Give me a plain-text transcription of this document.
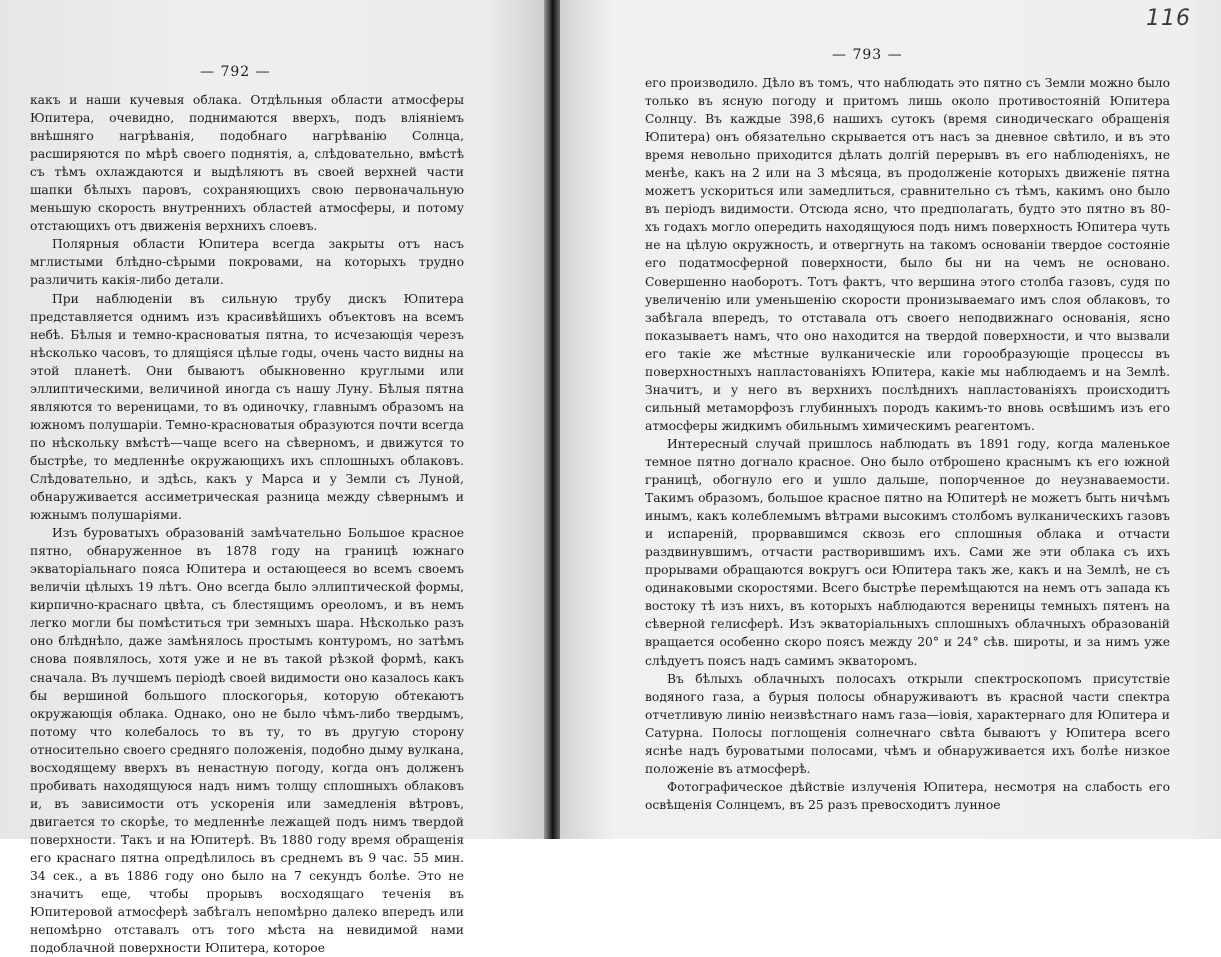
— 792 —

какъ и наши кучевыя облака. Отдѣльныя области атмосферы Юпитера, очевидно, поднимаются вверхъ, подъ вліяніемъ внѣшняго нагрѣванія, подобнаго нагрѣванію Солнца, расширяются по мѣрѣ своего поднятія, а, слѣдовательно, вмѣстѣ съ тѣмъ охлаждаются и выдѣляютъ въ своей верхней части шапки бѣлыхъ паровъ, сохраняющихъ свою первоначальную меньшую скорость внутреннихъ областей атмосферы, и потому отстающихъ отъ движенія верхнихъ слоевъ.

Полярныя области Юпитера всегда закрыты отъ насъ мглистыми блѣдно-сѣрыми покровами, на которыхъ трудно различить какія-либо детали.

При наблюденіи въ сильную трубу дискъ Юпитера представляется однимъ изъ красивѣйшихъ объектовъ на всемъ небѣ. Бѣлыя и темно-красноватыя пятна, то исчезающія черезъ нѣсколько часовъ, то длящіяся цѣлые годы, очень часто видны на этой планетѣ. Они бываютъ обыкновенно круглыми или эллиптическими, величиной иногда съ нашу Луну. Бѣлыя пятна являются то вереницами, то въ одиночку, главнымъ образомъ на южномъ полушаріи. Темно-красноватыя образуются почти всегда по нѣскольку вмѣстѣ—чаще всего на сѣверномъ, и движутся то быстрѣе, то медленнѣе окружающихъ ихъ сплошныхъ облаковъ. Слѣдовательно, и здѣсь, какъ у Марса и у Земли съ Луной, обнаруживается ассиметрическая разница между сѣвернымъ и южнымъ полушаріями.

Изъ буроватыхъ образованій замѣчательно Большое красное пятно, обнаруженное въ 1878 году на границѣ южнаго экваторіальнаго пояса Юпитера и остающееся во всемъ своемъ величіи цѣлыхъ 19 лѣтъ. Оно всегда было эллиптической формы, кирпично-краснаго цвѣта, съ блестящимъ ореоломъ, и въ немъ легко могли бы помѣститься три земныхъ шара. Нѣсколько разъ оно блѣднѣло, даже замѣнялось простымъ контуромъ, но затѣмъ снова появлялось, хотя уже и не въ такой рѣзкой формѣ, какъ сначала. Въ лучшемъ періодѣ своей видимости оно казалось какъ бы вершиной большого плоскогорья, которую обтекаютъ окружающія облака. Однако, оно не было чѣмъ-либо твердымъ, потому что колебалось то въ ту, то въ другую сторону относительно своего средняго положенія, подобно дыму вулкана, восходящему вверхъ въ ненастную погоду, когда онъ долженъ пробивать находящуюся надъ нимъ толщу сплошныхъ облаковъ и, въ зависимости отъ ускоренія или замедленія вѣтровъ, двигается то скорѣе, то медленнѣе лежащей подъ нимъ твердой поверхности. Такъ и на Юпитерѣ. Въ 1880 году время обращенія его краснаго пятна опредѣлилось въ среднемъ въ 9 час. 55 мин. 34 сек., а въ 1886 году оно было на 7 секундъ болѣе. Это не значитъ еще, чтобы прорывъ восходящаго теченія въ Юпитеровой атмосферѣ забѣгалъ непомѣрно далеко впередъ или непомѣрно отставалъ отъ того мѣста на невидимой нами подоблачной поверхности Юпитера, которое

116
— 793 —

его производило. Дѣло въ томъ, что наблюдать это пятно съ Земли можно было только въ ясную погоду и притомъ лишь около противостояній Юпитера Солнцу. Въ каждые 398,6 нашихъ сутокъ (время синодическаго обращенія Юпитера) онъ обязательно скрывается отъ насъ за дневное свѣтило, и въ это время невольно приходится дѣлать долгій перерывъ въ его наблюденіяхъ, не менѣе, какъ на 2 или на 3 мѣсяца, въ продолженіе которыхъ движеніе пятна можетъ ускориться или замедлиться, сравнительно съ тѣмъ, какимъ оно было въ періодъ видимости. Отсюда ясно, что предполагать, будто это пятно въ 80-хъ годахъ могло опередить находящуюся подъ нимъ поверхность Юпитера чуть не на цѣлую окружность, и отвергнуть на такомъ основаніи твердое состояніе его податмосферной поверхности, было бы ни на чемъ не основано. Совершенно наоборотъ. Тотъ фактъ, что вершина этого столба газовъ, судя по увеличенію или уменьшенію скорости пронизываемаго имъ слоя облаковъ, то забѣгала впередъ, то отставала отъ своего неподвижнаго основанія, ясно показываетъ намъ, что оно находится на твердой поверхности, и что вызвали его такіе же мѣстные вулканическіе или горообразующіе процессы въ поверхностныхъ напластованіяхъ Юпитера, какіе мы наблюдаемъ и на Землѣ. Значитъ, и у него въ верхнихъ послѣднихъ напластованіяхъ происходитъ сильный метаморфозъ глубинныхъ породъ какимъ-то вновь освѣшимъ изъ его атмосферы жидкимъ обильнымъ химическимъ реагентомъ.

Интересный случай пришлось наблюдать въ 1891 году, когда маленькое темное пятно догнало красное. Оно было отброшено краснымъ къ его южной границѣ, обогнуло его и ушло дальше, попорченное до неузнаваемости. Такимъ образомъ, большое красное пятно на Юпитерѣ не можетъ быть ничѣмъ инымъ, какъ колеблемымъ вѣтрами высокимъ столбомъ вулканическихъ газовъ и испареній, прорвавшимся сквозь его сплошныя облака и отчасти раздвинувшимъ, отчасти растворившимъ ихъ. Сами же эти облака съ ихъ прорывами обращаются вокругъ оси Юпитера такъ же, какъ и на Землѣ, не съ одинаковыми скоростями. Всего быстрѣе перемѣщаются на немъ отъ запада къ востоку тѣ изъ нихъ, въ которыхъ наблюдаются вереницы темныхъ пятенъ на сѣверной гелисферѣ. Изъ экваторіальныхъ сплошныхъ облачныхъ образованій вращается особенно скоро поясъ между 20° и 24° сѣв. широты, и за нимъ уже слѣдуетъ поясъ надъ самимъ экваторомъ.

Въ бѣлыхъ облачныхъ полосахъ открыли спектроскопомъ присутствіе водяного газа, а бурыя полосы обнаруживаютъ въ красной части спектра отчетливую линію неизвѣстнаго намъ газа—іовія, характернаго для Юпитера и Сатурна. Полосы поглощенія солнечнаго свѣта бываютъ у Юпитера всего яснѣе надъ буроватыми полосами, чѣмъ и обнаруживается ихъ болѣе низкое положеніе въ атмосферѣ.

Фотографическое дѣйствіе излученія Юпитера, несмотря на слабость его освѣщенія Солнцемъ, въ 25 разъ превосходитъ лунное
